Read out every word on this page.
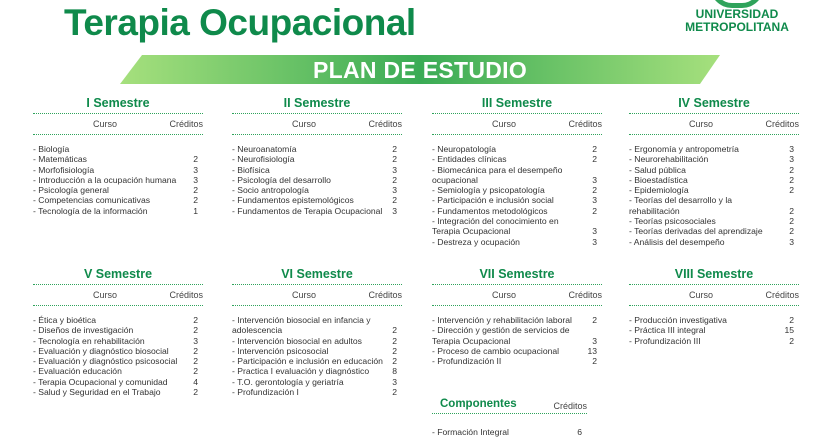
Terapia Ocupacional	UNIVERSIDAD
METROPOLITANA
PLAN DE ESTUDIO
I Semestre
Curso	Créditos
- Biología
- Matemáticas	2
- Morfofisiología	3
- Introducción a la ocupación humana	3
- Psicología general	2
- Competencias comunicativas	2
- Tecnología de la información	1
II Semestre
Curso	Créditos
- Neuroanatomía	2
- Neurofisiología	2
- Biofísica	3
- Psicología del desarrollo	2
- Socio antropología	3
- Fundamentos epistemológicos	2
- Fundamentos de Terapia Ocupacional	3
III Semestre
Curso	Créditos
- Neuropatología	2
- Entidades clínicas	2
- Biomecánica para el desempeño ocupacional	3
- Semiología y psicopatología	2
- Participación e inclusión social	3
- Fundamentos metodológicos	2
- Integración del conocimiento en Terapia Ocupacional	3
- Destreza y ocupación	3
IV Semestre
Curso	Créditos
- Ergonomía y antropometría	3
- Neurorehabilitación	3
- Salud pública	2
- Bioestadística	2
- Epidemiología	2
- Teorías del desarrollo y la rehabilitación	2
- Teorías psicosociales	2
- Teorías derivadas del aprendizaje	2
- Análisis del desempeño	3
V Semestre
Curso	Créditos
- Ética y bioética	2
- Diseños de investigación	2
- Tecnología en rehabilitación	3
- Evaluación y diagnóstico biosocial	2
- Evaluación y diagnóstico psicosocial	2
- Evaluación educación	2
- Terapia Ocupacional y comunidad	4
- Salud y Seguridad en el Trabajo	2
VI Semestre
Curso	Créditos
- Intervención biosocial en infancia y adolescencia	2
- Intervención biosocial en adultos	2
- Intervención psicosocial	2
- Participación e inclusión en educación	2
- Practica I evaluación y diagnóstico	8
- T.O. gerontología y geriatría	3
- Profundización I	2
VII Semestre
Curso	Créditos
- Intervención y rehabilitación laboral	2
- Dirección y gestión de servicios de Terapia Ocupacional	3
- Proceso de cambio ocupacional	13
- Profundización II	2
VIII Semestre
Curso	Créditos
- Producción investigativa	2
- Práctica III integral	15
- Profundización III	2
Componentes	Créditos
- Formación Integral	6
